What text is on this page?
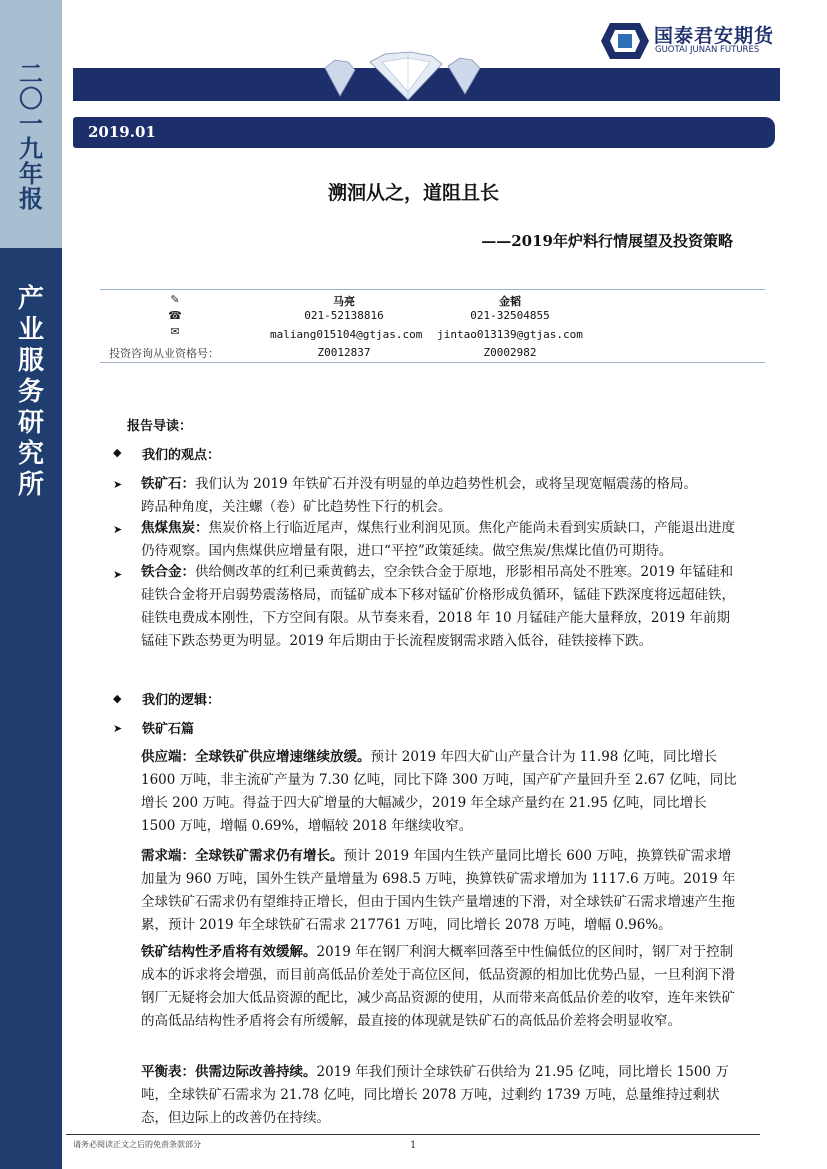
二
〇
一
九
年
报
产
业
服
务
研
究
所
国泰君安期货
GUOTAI JUNAN FUTURES
2019.01
溯洄从之，道阻且长
——2019年炉料行情展望及投资策略
✎
☎
✉
投资咨询从业资格号：
马亮
021-52138816
maliang015104@gtjas.com
Z0012837
金韬
021-32504855
jintao013139@gtjas.com
Z0002982
报告导读：
◆ 我们的观点：
➤ 铁矿石：我们认为 2019 年铁矿石并没有明显的单边趋势性机会，或将呈现宽幅震荡的格局。

跨品种角度，关注螺（卷）矿比趋势性下行的机会。

➤ 焦煤焦炭：焦炭价格上行临近尾声，煤焦行业利润见顶。焦化产能尚未看到实质缺口，产能退出进度仍待观察。国内焦煤供应增量有限，进口“平控”政策延续。做空焦炭/焦煤比值仍可期待。

➤ 铁合金：供给侧改革的红利已乘黄鹤去，空余铁合金于原地，形影相吊高处不胜寒。2019 年锰硅和硅铁合金将开启弱势震荡格局，而锰矿成本下移对锰矿价格形成负循环，锰硅下跌深度将远超硅铁，硅铁电费成本刚性，下方空间有限。从节奏来看，2018 年 10 月锰硅产能大量释放，2019 年前期锰硅下跌态势更为明显。2019 年后期由于长流程废钢需求踏入低谷，硅铁接棒下跌。

◆ 我们的逻辑：
➤ 铁矿石篇

供应端：全球铁矿供应增速继续放缓。预计 2019 年四大矿山产量合计为 11.98 亿吨，同比增长 1600 万吨，非主流矿产量为 7.30 亿吨，同比下降 300 万吨，国产矿产量回升至 2.67 亿吨，同比增长 200 万吨。得益于四大矿增量的大幅减少，2019 年全球产量约在 21.95 亿吨，同比增长 1500 万吨，增幅 0.69%，增幅较 2018 年继续收窄。

需求端：全球铁矿需求仍有增长。预计 2019 年国内生铁产量同比增长 600 万吨，换算铁矿需求增加量为 960 万吨，国外生铁产量增量为 698.5 万吨，换算铁矿需求增加为 1117.6 万吨。2019 年全球铁矿石需求仍有望维持正增长，但由于国内生铁产量增速的下滑，对全球铁矿石需求增速产生拖累，预计 2019 年全球铁矿石需求 217761 万吨，同比增长 2078 万吨，增幅 0.96%。

铁矿结构性矛盾将有效缓解。2019 年在钢厂利润大概率回落至中性偏低位的区间时，钢厂对于控制成本的诉求将会增强，而目前高低品价差处于高位区间，低品资源的相加比优势凸显，一旦利润下滑钢厂无疑将会加大低品资源的配比，减少高品资源的使用，从而带来高低品价差的收窄，连年来铁矿的高低品结构性矛盾将会有所缓解，最直接的体现就是铁矿石的高低品价差将会明显收窄。

平衡表：供需边际改善持续。2019 年我们预计全球铁矿石供给为 21.95 亿吨，同比增长 1500 万吨，全球铁矿石需求为 21.78 亿吨，同比增长 2078 万吨，过剩约 1739 万吨，总量维持过剩状态，但边际上的改善仍在持续。

请务必阅读正文之后的免责条款部分	1
